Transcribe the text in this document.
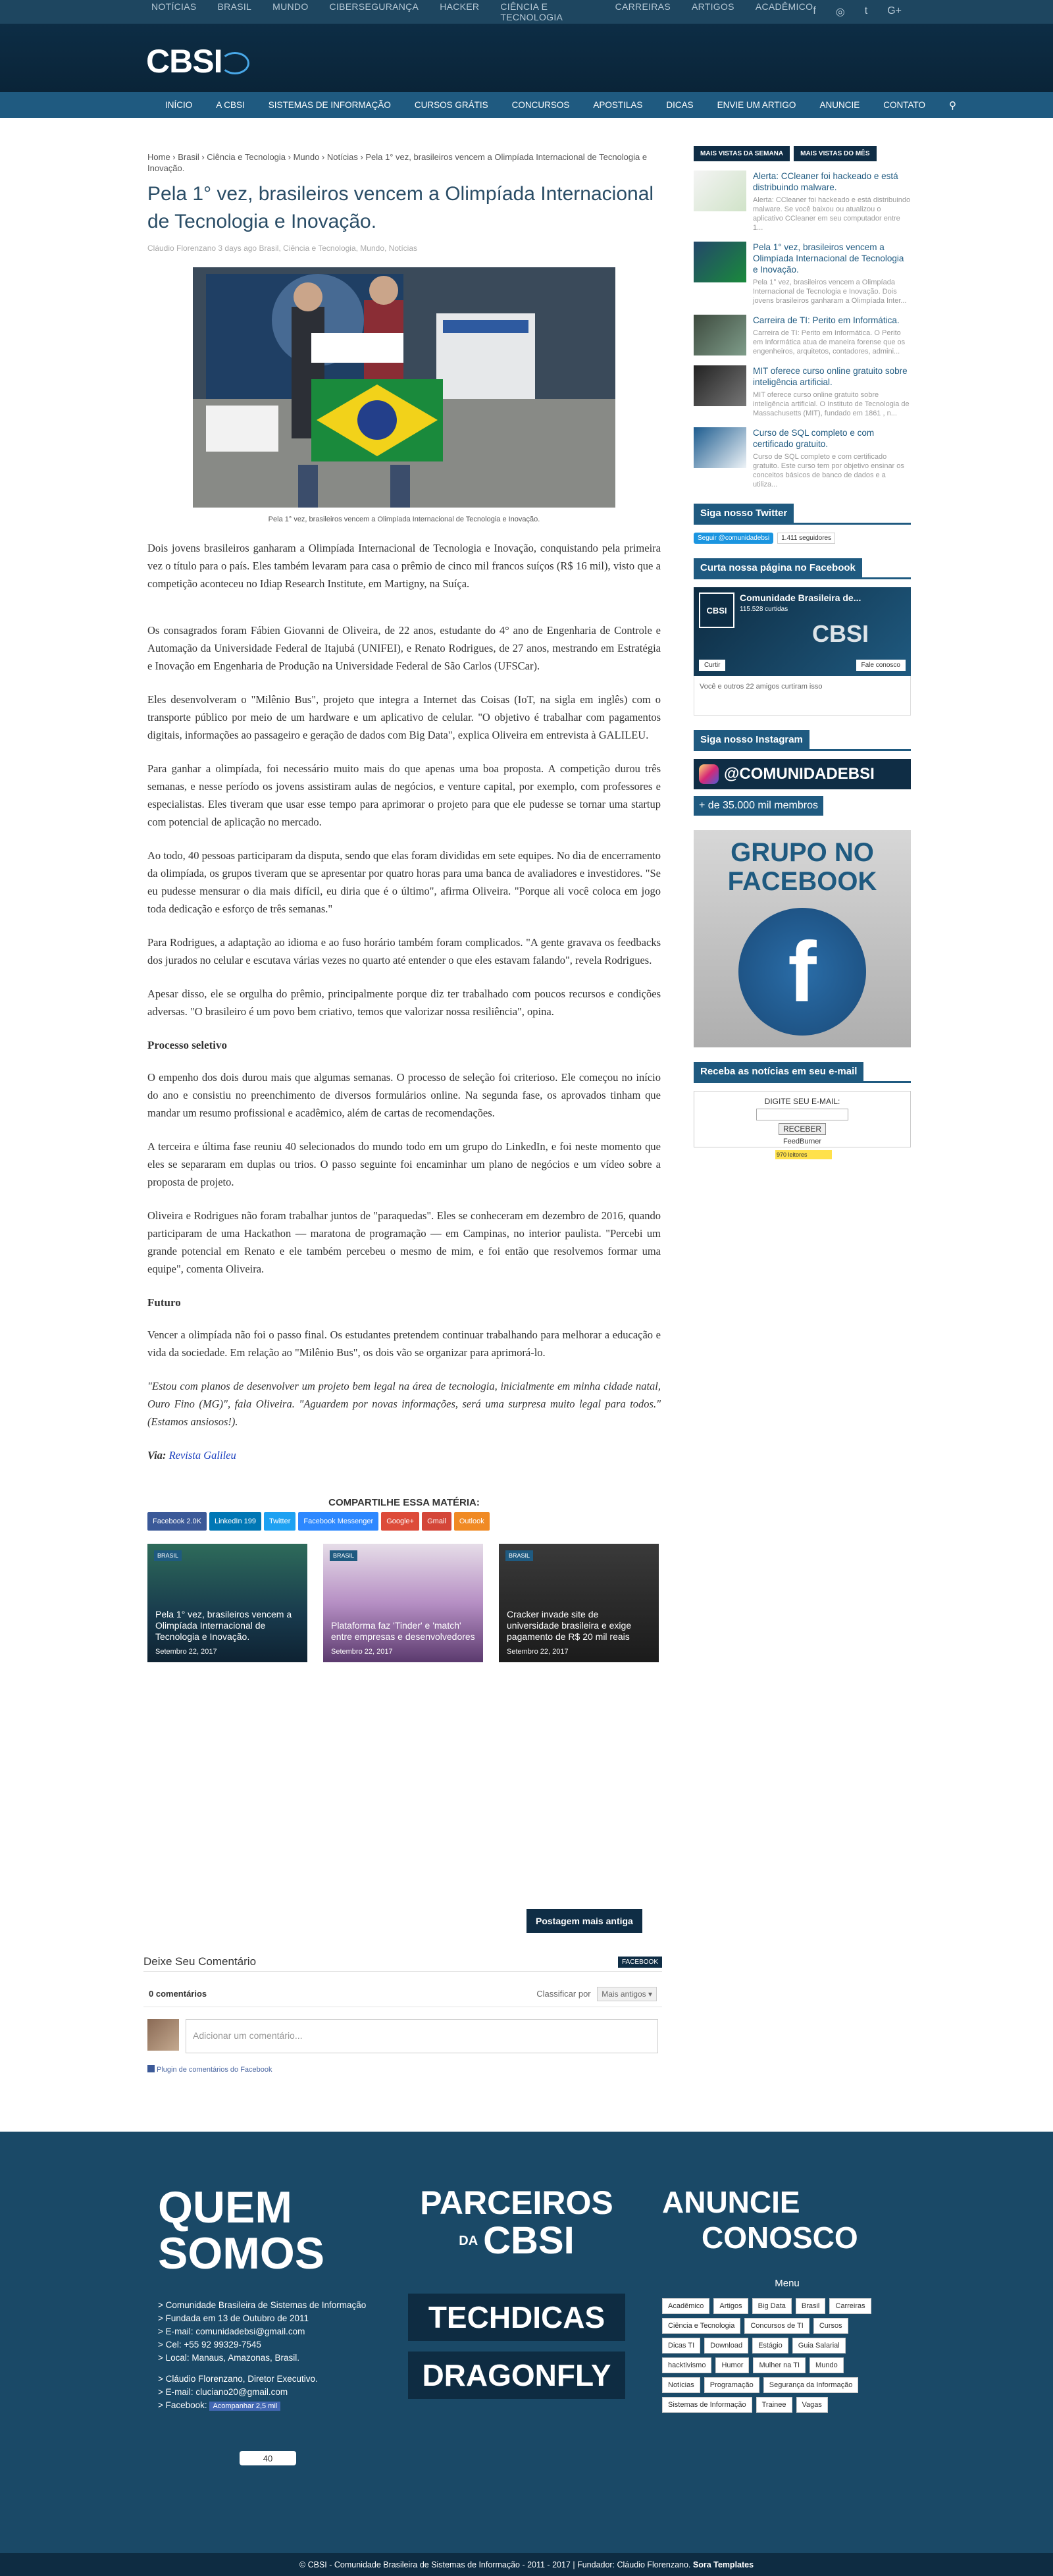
NOTÍCIAS BRASIL MUNDO CIBERSEGURANÇA HACKER CIÊNCIA E TECNOLOGIA
CARREIRAS ARTIGOS ACADÊMICO f ◎ t G+
CBSI
INÍCIO	A CBSI	SISTEMAS DE INFORMAÇÃO	CURSOS GRÁTIS	CONCURSOS	APOSTILAS	DICAS	ENVIE UM ARTIGO	ANUNCIE	CONTATO	⚲
Home › Brasil › Ciência e Tecnologia › Mundo › Notícias › Pela 1° vez, brasileiros vencem a Olimpíada Internacional de Tecnologia e Inovação.
Pela 1° vez, brasileiros vencem a Olimpíada Internacional de Tecnologia e Inovação.
Cláudio Florenzano 3 days ago Brasil, Ciência e Tecnologia, Mundo, Notícias
Pela 1° vez, brasileiros vencem a Olimpíada Internacional de Tecnologia e Inovação.

Dois jovens brasileiros ganharam a Olimpíada Internacional de Tecnologia e Inovação, conquistando pela primeira vez o título para o país. Eles também levaram para casa o prêmio de cinco mil francos suíços (R$ 16 mil), visto que a competição aconteceu no Idiap Research Institute, em Martigny, na Suíça.

Os consagrados foram Fábien Giovanni de Oliveira, de 22 anos, estudante do 4° ano de Engenharia de Controle e Automação da Universidade Federal de Itajubá (UNIFEI), e Renato Rodrigues, de 27 anos, mestrando em Estratégia e Inovação em Engenharia de Produção na Universidade Federal de São Carlos (UFSCar).

Eles desenvolveram o "Milênio Bus", projeto que integra a Internet das Coisas (IoT, na sigla em inglês) com o transporte público por meio de um hardware e um aplicativo de celular. "O objetivo é trabalhar com pagamentos digitais, informações ao passageiro e geração de dados com Big Data", explica Oliveira em entrevista à GALILEU.

Para ganhar a olimpíada, foi necessário muito mais do que apenas uma boa proposta. A competição durou três semanas, e nesse período os jovens assistiram aulas de negócios, e venture capital, por exemplo, com professores e especialistas. Eles tiveram que usar esse tempo para aprimorar o projeto para que ele pudesse se tornar uma startup com potencial de aplicação no mercado.

Ao todo, 40 pessoas participaram da disputa, sendo que elas foram divididas em sete equipes. No dia de encerramento da olimpíada, os grupos tiveram que se apresentar por quatro horas para uma banca de avaliadores e investidores. "Se eu pudesse mensurar o dia mais difícil, eu diria que é o último", afirma Oliveira. "Porque ali você coloca em jogo toda dedicação e esforço de três semanas."

Para Rodrigues, a adaptação ao idioma e ao fuso horário também foram complicados. "A gente gravava os feedbacks dos jurados no celular e escutava várias vezes no quarto até entender o que eles estavam falando", revela Rodrigues.

Apesar disso, ele se orgulha do prêmio, principalmente porque diz ter trabalhado com poucos recursos e condições adversas. "O brasileiro é um povo bem criativo, temos que valorizar nossa resiliência", opina.

Processo seletivo

O empenho dos dois durou mais que algumas semanas. O processo de seleção foi criterioso. Ele começou no início do ano e consistiu no preenchimento de diversos formulários online. Na segunda fase, os aprovados tinham que mandar um resumo profissional e acadêmico, além de cartas de recomendações.

A terceira e última fase reuniu 40 selecionados do mundo todo em um grupo do LinkedIn, e foi neste momento que eles se separaram em duplas ou trios. O passo seguinte foi encaminhar um plano de negócios e um vídeo sobre a proposta de projeto.

Oliveira e Rodrigues não foram trabalhar juntos de "paraquedas". Eles se conheceram em dezembro de 2016, quando participaram de uma Hackathon — maratona de programação — em Campinas, no interior paulista. "Percebi um grande potencial em Renato e ele também percebeu o mesmo de mim, e foi então que resolvemos formar uma equipe", comenta Oliveira.

Futuro

Vencer a olimpíada não foi o passo final. Os estudantes pretendem continuar trabalhando para melhorar a educação e vida da sociedade. Em relação ao "Milênio Bus", os dois vão se organizar para aprimorá-lo.

"Estou com planos de desenvolver um projeto bem legal na área de tecnologia, inicialmente em minha cidade natal, Ouro Fino (MG)", fala Oliveira. "Aguardem por novas informações, será uma surpresa muito legal para todos." (Estamos ansiosos!).

Via: Revista Galileu

COMPARTILHE ESSA MATÉRIA:
Facebook 2.0K	LinkedIn 199	Twitter	Facebook Messenger	Google+	Gmail	Outlook
BRASIL
Pela 1° vez, brasileiros vencem a Olimpíada Internacional de Tecnologia e Inovação.
Setembro 22, 2017
BRASIL
Plataforma faz 'Tinder' e 'match' entre empresas e desenvolvedores
Setembro 22, 2017
BRASIL
Cracker invade site de universidade brasileira e exige pagamento de R$ 20 mil reais
Setembro 22, 2017
Postagem mais antiga
Deixe Seu Comentário	FACEBOOK
0 comentários	Classificar por Mais antigos ▾
Adicionar um comentário...
Plugin de comentários do Facebook
MAIS VISTAS DA SEMANA	MAIS VISTAS DO MÊS
Alerta: CCleaner foi hackeado e está distribuindo malware.
Alerta: CCleaner foi hackeado e está distribuindo malware. Se você baixou ou atualizou o aplicativo CCleaner em seu computador entre 1...
Pela 1° vez, brasileiros vencem a Olimpíada Internacional de Tecnologia e Inovação.
Pela 1° vez, brasileiros vencem a Olimpíada Internacional de Tecnologia e Inovação. Dois jovens brasileiros ganharam a Olimpíada Inter...
Carreira de TI: Perito em Informática.
Carreira de TI: Perito em Informática. O Perito em Informática atua de maneira forense que os engenheiros, arquitetos, contadores, admini...
MIT oferece curso online gratuito sobre inteligência artificial.
MIT oferece curso online gratuito sobre inteligência artificial. O Instituto de Tecnologia de Massachusetts (MIT), fundado em 1861 , n...
Curso de SQL completo e com certificado gratuito.
Curso de SQL completo e com certificado gratuito. Este curso tem por objetivo ensinar os conceitos básicos de banco de dados e a utiliza...
Siga nosso Twitter
Seguir @comunidadebsi	1.411 seguidores
Curta nossa página no Facebook
CBSI
Comunidade Brasileira de...
115.528 curtidas
CBSI
Curtir	Fale conosco
Você e outros 22 amigos curtiram isso
Siga nosso Instagram
@COMUNIDADEBSI
+ de 35.000 mil membros
GRUPO NO
FACEBOOK
f
Receba as notícias em seu e-mail
DIGITE SEU E-MAIL:
RECEBER
FeedBurner
970 leitores
QUEM
SOMOS
> Comunidade Brasileira de Sistemas de Informação
> Fundada em 13 de Outubro de 2011
> E-mail: comunidadebsi@gmail.com
> Cel: +55 92 99329-7545
> Local: Manaus, Amazonas, Brasil.
> Cláudio Florenzano, Diretor Executivo.
> E-mail: cluciano20@gmail.com
> Facebook: Acompanhar 2,5 mil
40
PARCEIROS
DA CBSI
TECHDICAS
DRAGONFLY
ANUNCIE
CONOSCO
Menu
Acadêmico	Artigos	Big Data	Brasil	Carreiras
Ciência e Tecnologia	Concursos de TI	Cursos
Dicas TI	Download	Estágio	Guia Salarial
hacktivismo	Humor	Mulher na TI	Mundo
Notícias	Programação	Segurança da Informação
Sistemas de Informação	Trainee	Vagas
© CBSI - Comunidade Brasileira de Sistemas de Informação - 2011 - 2017 | Fundador: Cláudio Florenzano.
Sora Templates
